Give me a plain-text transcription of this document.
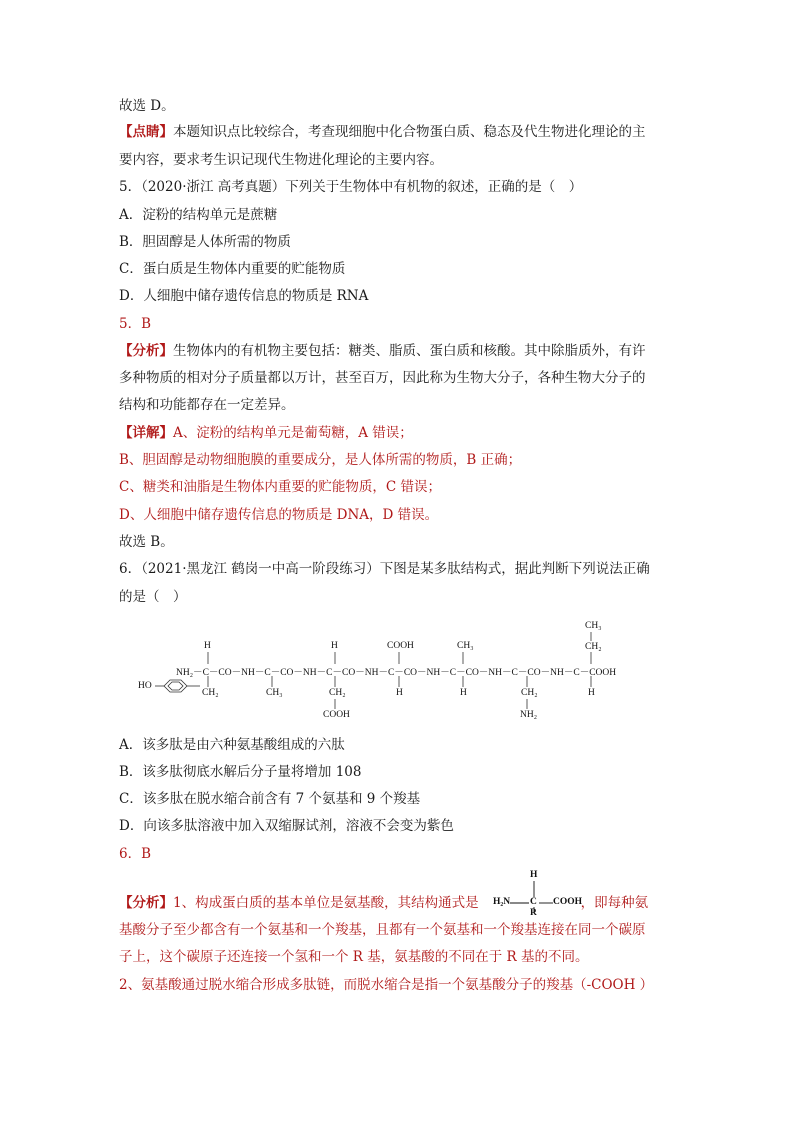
故选 D。
【点睛】本题知识点比较综合，考查现细胞中化合物蛋白质、稳态及代生物进化理论的主
要内容，要求考生识记现代生物进化理论的主要内容。
5．（2020·浙江 高考真题）下列关于生物体中有机物的叙述，正确的是（　）
A．淀粉的结构单元是蔗糖
B．胆固醇是人体所需的物质
C．蛋白质是生物体内重要的贮能物质
D．人细胞中储存遗传信息的物质是 RNA
5．B
【分析】生物体内的有机物主要包括：糖类、脂质、蛋白质和核酸。其中除脂质外，有许
多种物质的相对分子质量都以万计，甚至百万，因此称为生物大分子，各种生物大分子的
结构和功能都存在一定差异。
【详解】A、淀粉的结构单元是葡萄糖，A 错误；
B、胆固醇是动物细胞膜的重要成分，是人体所需的物质，B 正确；
C、糖类和油脂是生物体内重要的贮能物质，C 错误；
D、人细胞中储存遗传信息的物质是 DNA，D 错误。
故选 B。
6．（2021·黑龙江 鹤岗一中高一阶段练习）下图是某多肽结构式，据此判断下列说法正确
的是（　）
CH₃
CH₂
H	H	COOH	CH₃
NH₂－C－CO－NH－C－CO－NH－C－CO－NH－C－CO－NH－C－CO－NH－C－CO－NH－C－COOH
HO
CH₂	CH₃	CH₂	H	H	CH₂	H
COOH	NH₂
A．该多肽是由六种氨基酸组成的六肽
B．该多肽彻底水解后分子量将增加 108
C．该多肽在脱水缩合前含有 7 个氨基和 9 个羧基
D．向该多肽溶液中加入双缩脲试剂，溶液不会变为紫色
6．B
H
H₂N C COOH
R
【分析】1、构成蛋白质的基本单位是氨基酸，其结构通式是	，即每种氨
基酸分子至少都含有一个氨基和一个羧基，且都有一个氨基和一个羧基连接在同一个碳原
子上，这个碳原子还连接一个氢和一个 R 基，氨基酸的不同在于 R 基的不同。
2、氨基酸通过脱水缩合形成多肽链，而脱水缩合是指一个氨基酸分子的羧基（-COOH ）
